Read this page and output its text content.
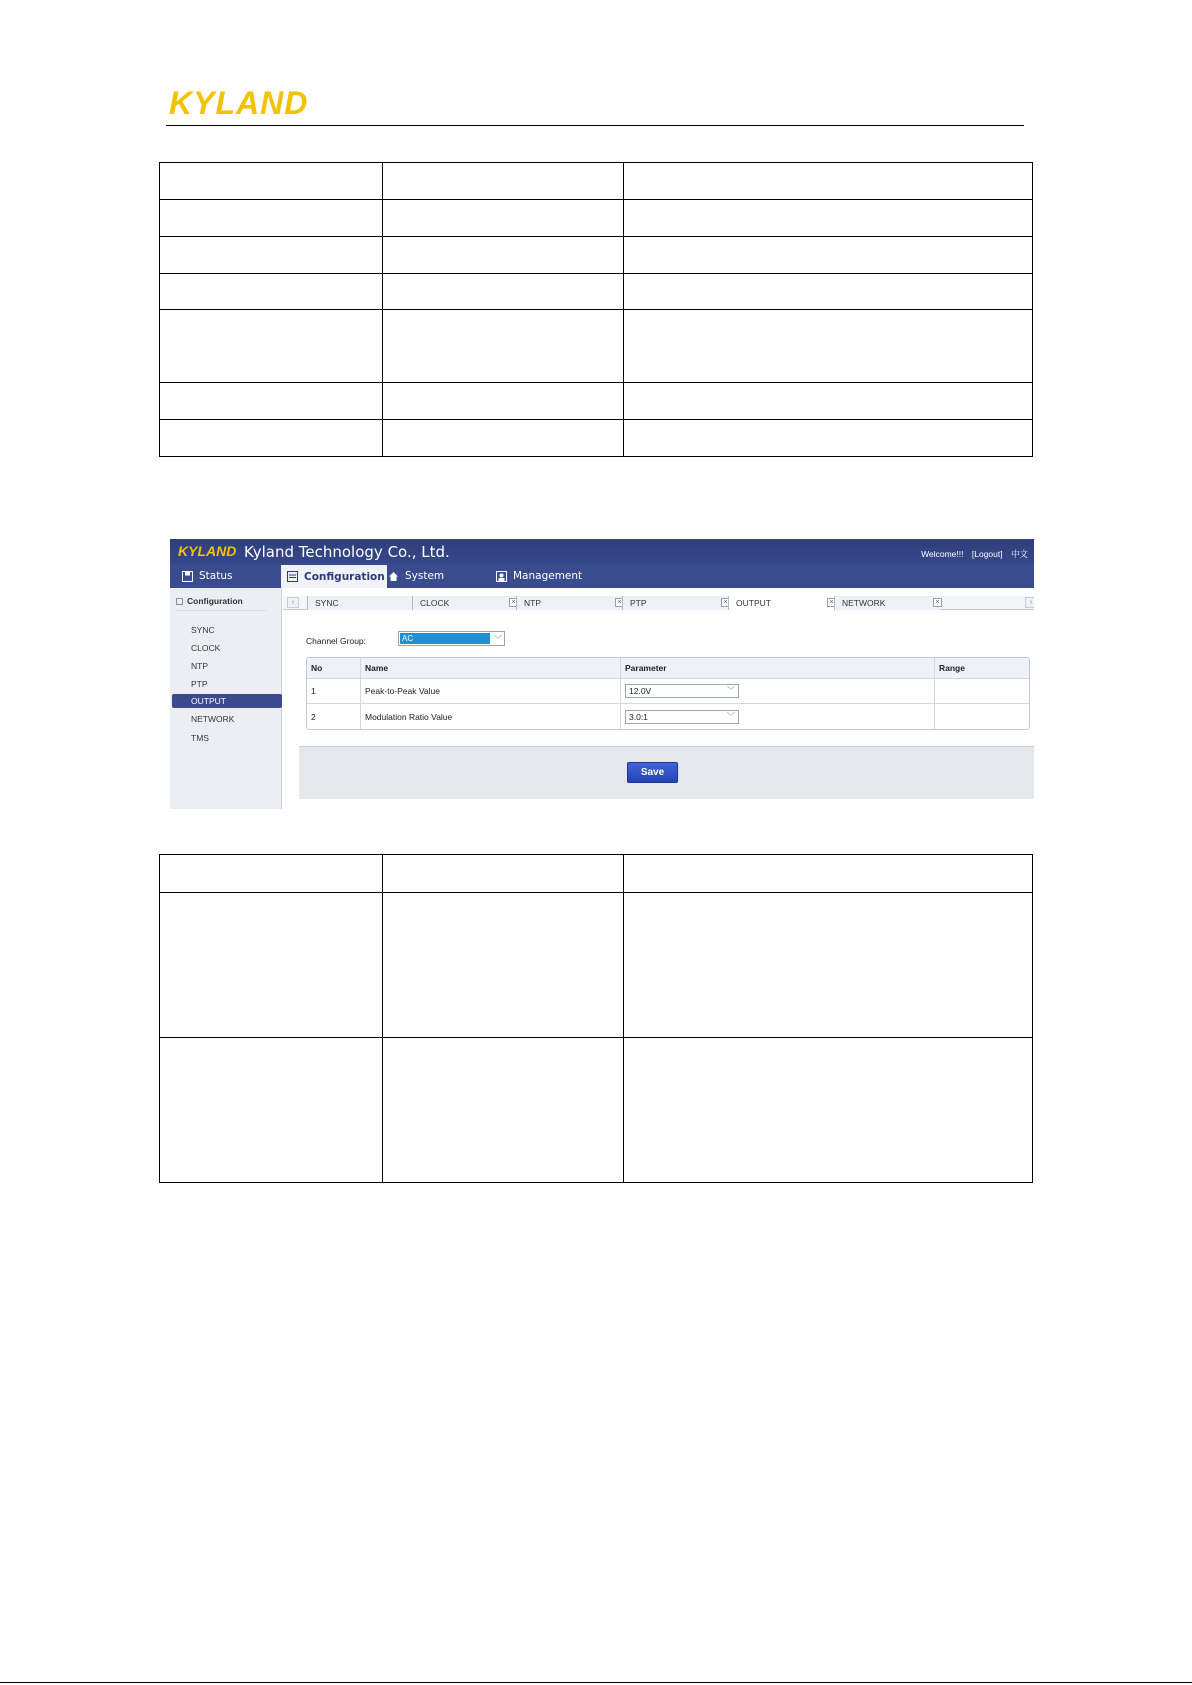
KYLAND

KYLAND Kyland Technology Co., Ltd.	Welcome!!! [Logout] 中文
Status	Configuration System	Management
Configuration
SYNC
CLOCK
NTP
PTP
OUTPUT
NETWORK
TMS
‹	SYNC	CLOCK	× NTP	× PTP	× OUTPUT	× NETWORK	×	›
Channel Group:	AC	﹀
No	Name	Parameter	Range
1	Peak-to-Peak Value	12.0V	﹀
2	Modulation Ratio Value	3.0:1	﹀
Save
